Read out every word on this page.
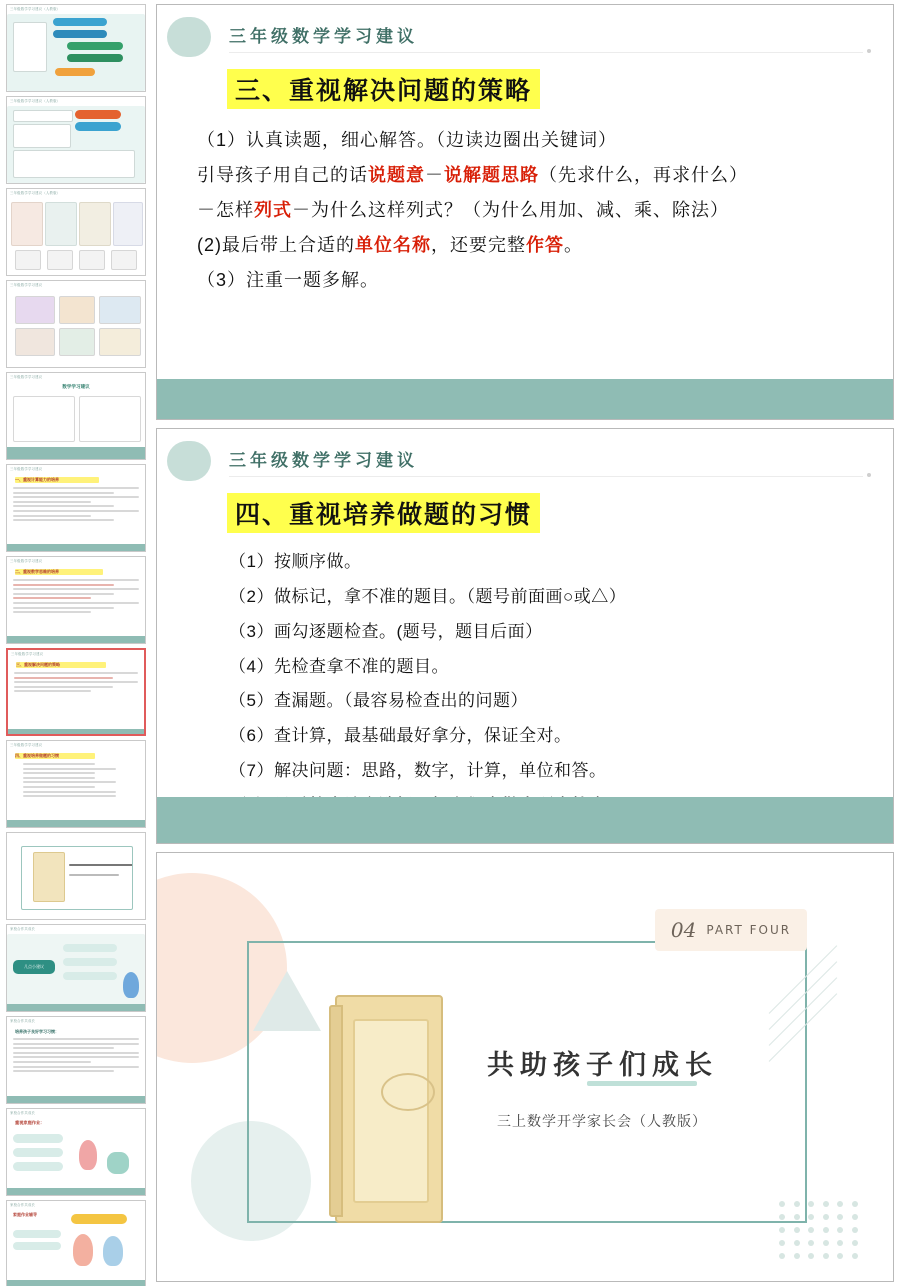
三年级数学学习建议（人教版）
三年级数学学习建议（人教版）
三年级数学学习建议（人教版）
三年级数学学习建议
三年级数学学习建议
数学学习建议
三年级数学学习建议
一、重视计算能力的培养
三年级数学学习建议
二、重视数学思维的培养
三年级数学学习建议
三、重视解决问题的策略
三年级数学学习建议
四、重视培养做题的习惯
家校合作共成长
几点小建议
家校合作共成长
培养孩子良好学习习惯：
家校合作共成长
重视家庭作业：
家校合作共成长
家庭作业辅导
三年级数学学习建议
三、重视解决问题的策略

（1）认真读题，细心解答。（边读边圈出关键词）

引导孩子用自己的话说题意－说解题思路（先求什么，再求什么）

－怎样列式－为什么这样列式？（为什么用加、减、乘、除法）

(2)最后带上合适的单位名称，还要完整作答。

（3）注重一题多解。

三年级数学学习建议
四、重视培养做题的习惯

（1）按顺序做。

（2）做标记，拿不准的题目。（题号前面画○或△）

（3）画勾逐题检查。(题号，题目后面）

（4）先检查拿不准的题目。

（5）查漏题。（最容易检查出的问题）

（6）查计算，最基础最好拿分，保证全对。

（7）解决问题：思路，数字，计算，单位和答。

04 PART FOUR
共助孩子们成长
三上数学开学家长会（人教版）
